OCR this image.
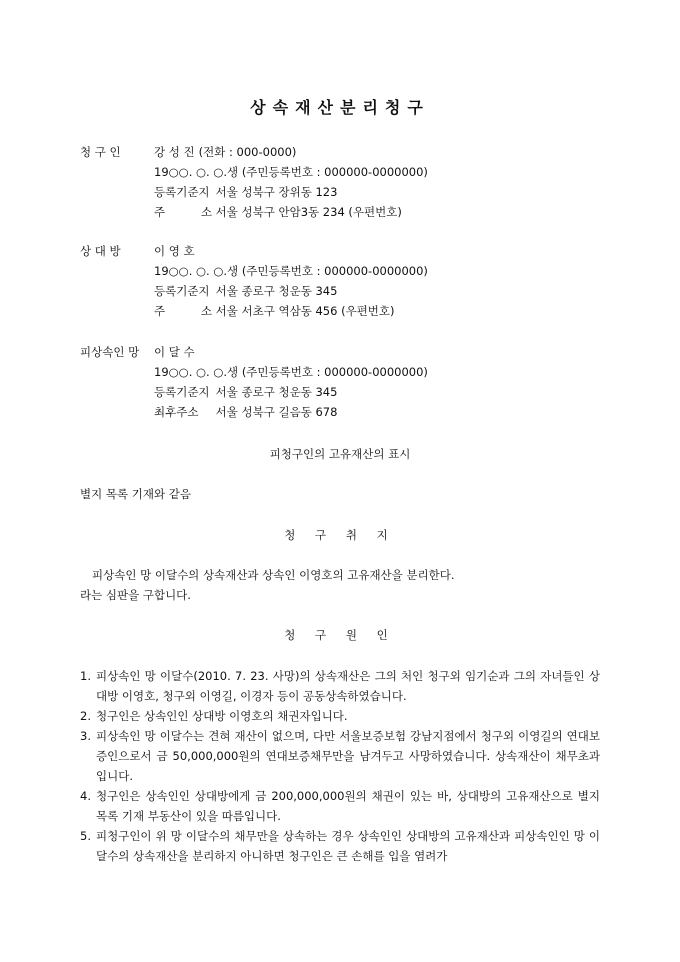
상속재산분리청구
청 구 인	강 성 진 (전화 : 000-0000)
19○○. ○. ○.생 (주민등록번호 : 000000-0000000)
등록기준지 서울 성북구 장위동 123
주 소 서울 성북구 안암3동 234 (우편번호)
상 대 방	이 영 호
19○○. ○. ○.생 (주민등록번호 : 000000-0000000)
등록기준지 서울 종로구 청운동 345
주 소 서울 서초구 역삼동 456 (우편번호)
피상속인 망 이 달 수
19○○. ○. ○.생 (주민등록번호 : 000000-0000000)
등록기준지 서울 종로구 청운동 345
최후주소 서울 성북구 길음동 678
피청구인의 고유재산의 표시
별지 목록 기재와 같음
청 구 취 지
피상속인 망 이달수의 상속재산과 상속인 이영호의 고유재산을 분리한다.
라는 심판을 구합니다.
청 구 원 인
1. 피상속인 망 이달수(2010. 7. 23. 사망)의 상속재산은 그의 처인 청구외 임기순과 그의 자녀들인 상대방 이영호, 청구외 이영길, 이경자 등이 공동상속하였습니다.
2. 청구인은 상속인인 상대방 이영호의 채권자입니다.
3. 피상속인 망 이달수는 견혀 재산이 없으며, 다만 서울보증보험 강남지점에서 청구외 이영길의 연대보증인으로서 금 50,000,000원의 연대보증채무만을 남겨두고 사망하였습니다. 상속재산이 채무초과입니다.
4. 청구인은 상속인인 상대방에게 금 200,000,000원의 채권이 있는 바, 상대방의 고유재산으로 별지 목록 기재 부동산이 있을 따름입니다.
5. 피청구인이 위 망 이달수의 채무만을 상속하는 경우 상속인인 상대방의 고유재산과 피상속인인 망 이달수의 상속재산을 분리하지 아니하면 청구인은 큰 손해를 입을 염려가
